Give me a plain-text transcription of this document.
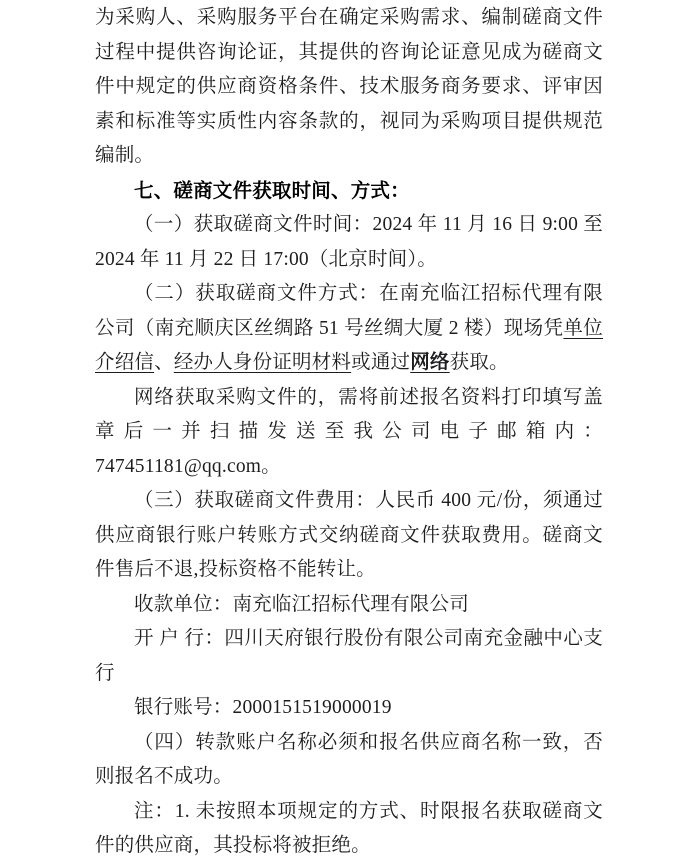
为采购人、采购服务平台在确定采购需求、编制磋商文件过程中提供咨询论证，其提供的咨询论证意见成为磋商文件中规定的供应商资格条件、技术服务商务要求、评审因素和标准等实质性内容条款的，视同为采购项目提供规范编制。

七、磋商文件获取时间、方式：

（一）获取磋商文件时间：2024 年 11 月 16 日 9:00 至 2024 年 11 月 22 日 17:00（北京时间）。

（二）获取磋商文件方式：在南充临江招标代理有限公司（南充顺庆区丝绸路 51 号丝绸大厦 2 楼）现场凭单位介绍信、经办人身份证明材料或通过网络获取。

网络获取采购文件的，需将前述报名资料打印填写盖章后一并扫描发送至我公司电子邮箱内：747451181@qq.com。

（三）获取磋商文件费用：人民币 400 元/份，须通过供应商银行账户转账方式交纳磋商文件获取费用。磋商文件售后不退,投标资格不能转让。

收款单位：南充临江招标代理有限公司

开 户 行：四川天府银行股份有限公司南充金融中心支行

银行账号：2000151519000019

（四）转款账户名称必须和报名供应商名称一致，否则报名不成功。

注：1. 未按照本项规定的方式、时限报名获取磋商文件的供应商，其投标将被拒绝。
